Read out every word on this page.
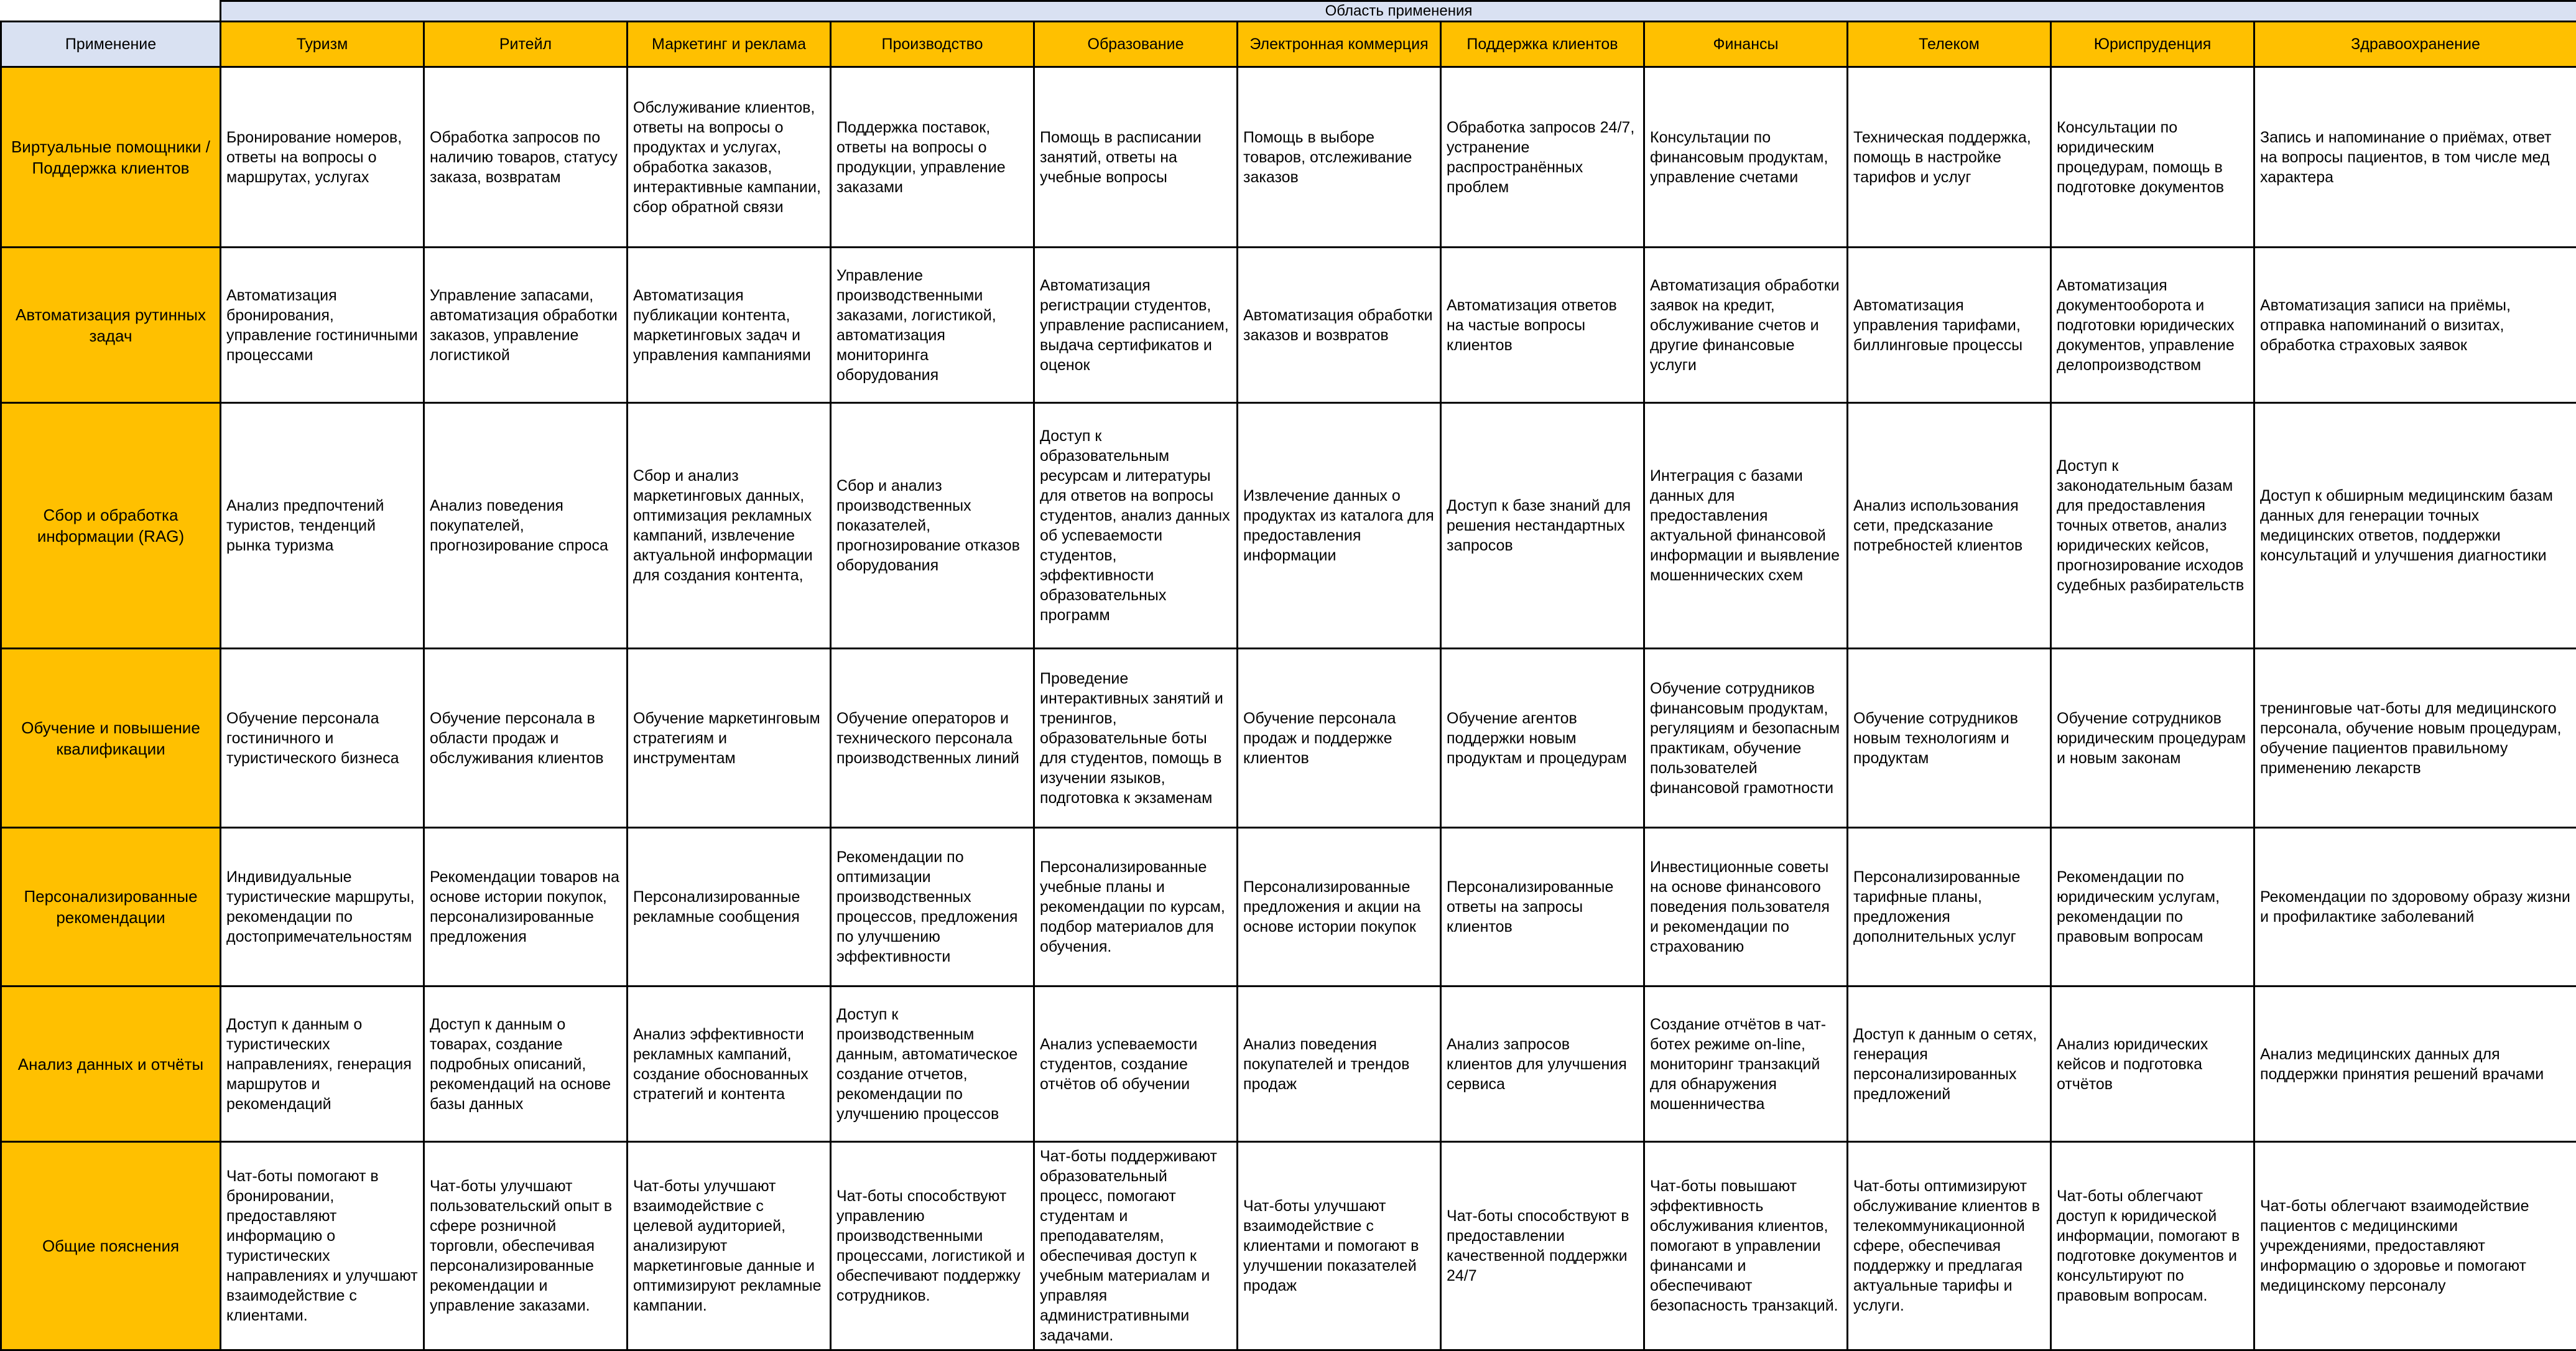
	Область применения										
Применение	Туризм	Ритейл	Маркетинг и реклама	Производство	Образование	Электронная коммерция	Поддержка клиентов	Финансы	Телеком	Юриспруденция	Здравоохранение
Виртуальные помощники / Поддержка клиентов	Бронирование номеров, ответы на вопросы о маршрутах, услугах	Обработка запросов по наличию товаров, статусу заказа, возвратам	Обслуживание клиентов, ответы на вопросы о продуктах и услугах, обработка заказов, интерактивные кампании, сбор обратной связи	Поддержка поставок, ответы на вопросы о продукции, управление заказами	Помощь в расписании занятий, ответы на учебные вопросы	Помощь в выборе товаров, отслеживание заказов	Обработка запросов 24/7, устранение распространённых проблем	Консультации по финансовым продуктам, управление счетами	Техническая поддержка, помощь в настройке тарифов и услуг	Консультации по юридическим процедурам, помощь в подготовке документов	Запись и напоминание о приёмах, ответ на вопросы пациентов, в том числе мед характера
Автоматизация рутинных задач	Автоматизация бронирования, управление гостиничными процессами	Управление запасами, автоматизация обработки заказов, управление логистикой	Автоматизация публикации контента, маркетинговых задач и управления кампаниями	Управление производственными заказами, логистикой, автоматизация мониторинга оборудования	Автоматизация регистрации студентов, управление расписанием, выдача сертификатов и оценок	Автоматизация обработки заказов и возвратов	Автоматизация ответов на частые вопросы клиентов	Автоматизация обработки заявок на кредит, обслуживание счетов и другие финансовые услуги	Автоматизация управления тарифами, биллинговые процессы	Автоматизация документооборота и подготовки юридических документов, управление делопроизводством	Автоматизация записи на приёмы, отправка напоминаний о визитах, обработка страховых заявок
Сбор и обработка информации (RAG)	Анализ предпочтений туристов, тенденций рынка туризма	Анализ поведения покупателей, прогнозирование спроса	Сбор и анализ маркетинговых данных, оптимизация рекламных кампаний, извлечение актуальной информации для создания контента,	Сбор и анализ производственных показателей, прогнозирование отказов оборудования	Доступ к образовательным ресурсам и литературы для ответов на вопросы студентов, анализ данных об успеваемости студентов, эффективности образовательных программ	Извлечение данных о продуктах из каталога для предоставления информации	Доступ к базе знаний для решения нестандартных запросов	Интеграция с базами данных для предоставления актуальной финансовой информации и выявление мошеннических схем	Анализ использования сети, предсказание потребностей клиентов	Доступ к законодательным базам для предоставления точных ответов, анализ юридических кейсов, прогнозирование исходов судебных разбирательств	Доступ к обширным медицинским базам данных для генерации точных медицинских ответов, поддержки консультаций и улучшения диагностики
Обучение и повышение квалификации	Обучение персонала гостиничного и туристического бизнеса	Обучение персонала в области продаж и обслуживания клиентов	Обучение маркетинговым стратегиям и инструментам	Обучение операторов и технического персонала производственных линий	Проведение интерактивных занятий и тренингов, образовательные боты для студентов, помощь в изучении языков, подготовка к экзаменам	Обучение персонала продаж и поддержке клиентов	Обучение агентов поддержки новым продуктам и процедурам	Обучение сотрудников финансовым продуктам, регуляциям и безопасным практикам, обучение пользователей финансовой грамотности	Обучение сотрудников новым технологиям и продуктам	Обучение сотрудников юридическим процедурам и новым законам	тренинговые чат-боты для медицинского персонала, обучение новым процедурам, обучение пациентов правильному применению лекарств
Персонализированные рекомендации	Индивидуальные туристические маршруты, рекомендации по достопримечательностям	Рекомендации товаров на основе истории покупок, персонализированные предложения	Персонализированные рекламные сообщения	Рекомендации по оптимизации производственных процессов, предложения по улучшению эффективности	Персонализированные учебные планы и рекомендации по курсам, подбор материалов для обучения.	Персонализированные предложения и акции на основе истории покупок	Персонализированные ответы на запросы клиентов	Инвестиционные советы на основе финансового поведения пользователя и рекомендации по страхованию	Персонализированные тарифные планы, предложения дополнительных услуг	Рекомендации по юридическим услугам, рекомендации по правовым вопросам	Рекомендации по здоровому образу жизни и профилактике заболеваний
Анализ данных и отчёты	Доступ к данным о туристических направлениях, генерация маршрутов и рекомендаций	Доступ к данным о товарах, создание подробных описаний, рекомендаций на основе базы данных	Анализ эффективности рекламных кампаний, создание обоснованных стратегий и контента	Доступ к производственным данным, автоматическое создание отчетов, рекомендации по улучшению процессов	Анализ успеваемости студентов, создание отчётов об обучении	Анализ поведения покупателей и трендов продаж	Анализ запросов клиентов для улучшения сервиса	Создание отчётов в чат-ботех режиме on-line, мониторинг транзакций для обнаружения мошенничества	Доступ к данным о сетях, генерация персонализированных предложений	Анализ юридических кейсов и подготовка отчётов	Анализ медицинских данных для поддержки принятия решений врачами
Общие пояснения	Чат-боты помогают в бронировании, предоставляют информацию о туристических направлениях и улучшают взаимодействие с клиентами.	Чат-боты улучшают пользовательский опыт в сфере розничной торговли, обеспечивая персонализированные рекомендации и управление заказами.	Чат-боты улучшают взаимодействие с целевой аудиторией, анализируют маркетинговые данные и оптимизируют рекламные кампании.	Чат-боты способствуют управлению производственными процессами, логистикой и обеспечивают поддержку сотрудников.	Чат-боты поддерживают образовательный процесс, помогают студентам и преподавателям, обеспечивая доступ к учебным материалам и управляя административными задачами.	Чат-боты улучшают взаимодействие с клиентами и помогают в улучшении показателей продаж	Чат-боты способствуют в предоставлении качественной поддержки 24/7	Чат-боты повышают эффективность обслуживания клиентов, помогают в управлении финансами и обеспечивают безопасность транзакций.	Чат-боты оптимизируют обслуживание клиентов в телекоммуникационной сфере, обеспечивая поддержку и предлагая актуальные тарифы и услуги.	Чат-боты облегчают доступ к юридической информации, помогают в подготовке документов и консультируют по правовым вопросам.	Чат-боты облегчают взаимодействие пациентов с медицинскими учреждениями, предоставляют информацию о здоровье и помогают медицинскому персоналу
